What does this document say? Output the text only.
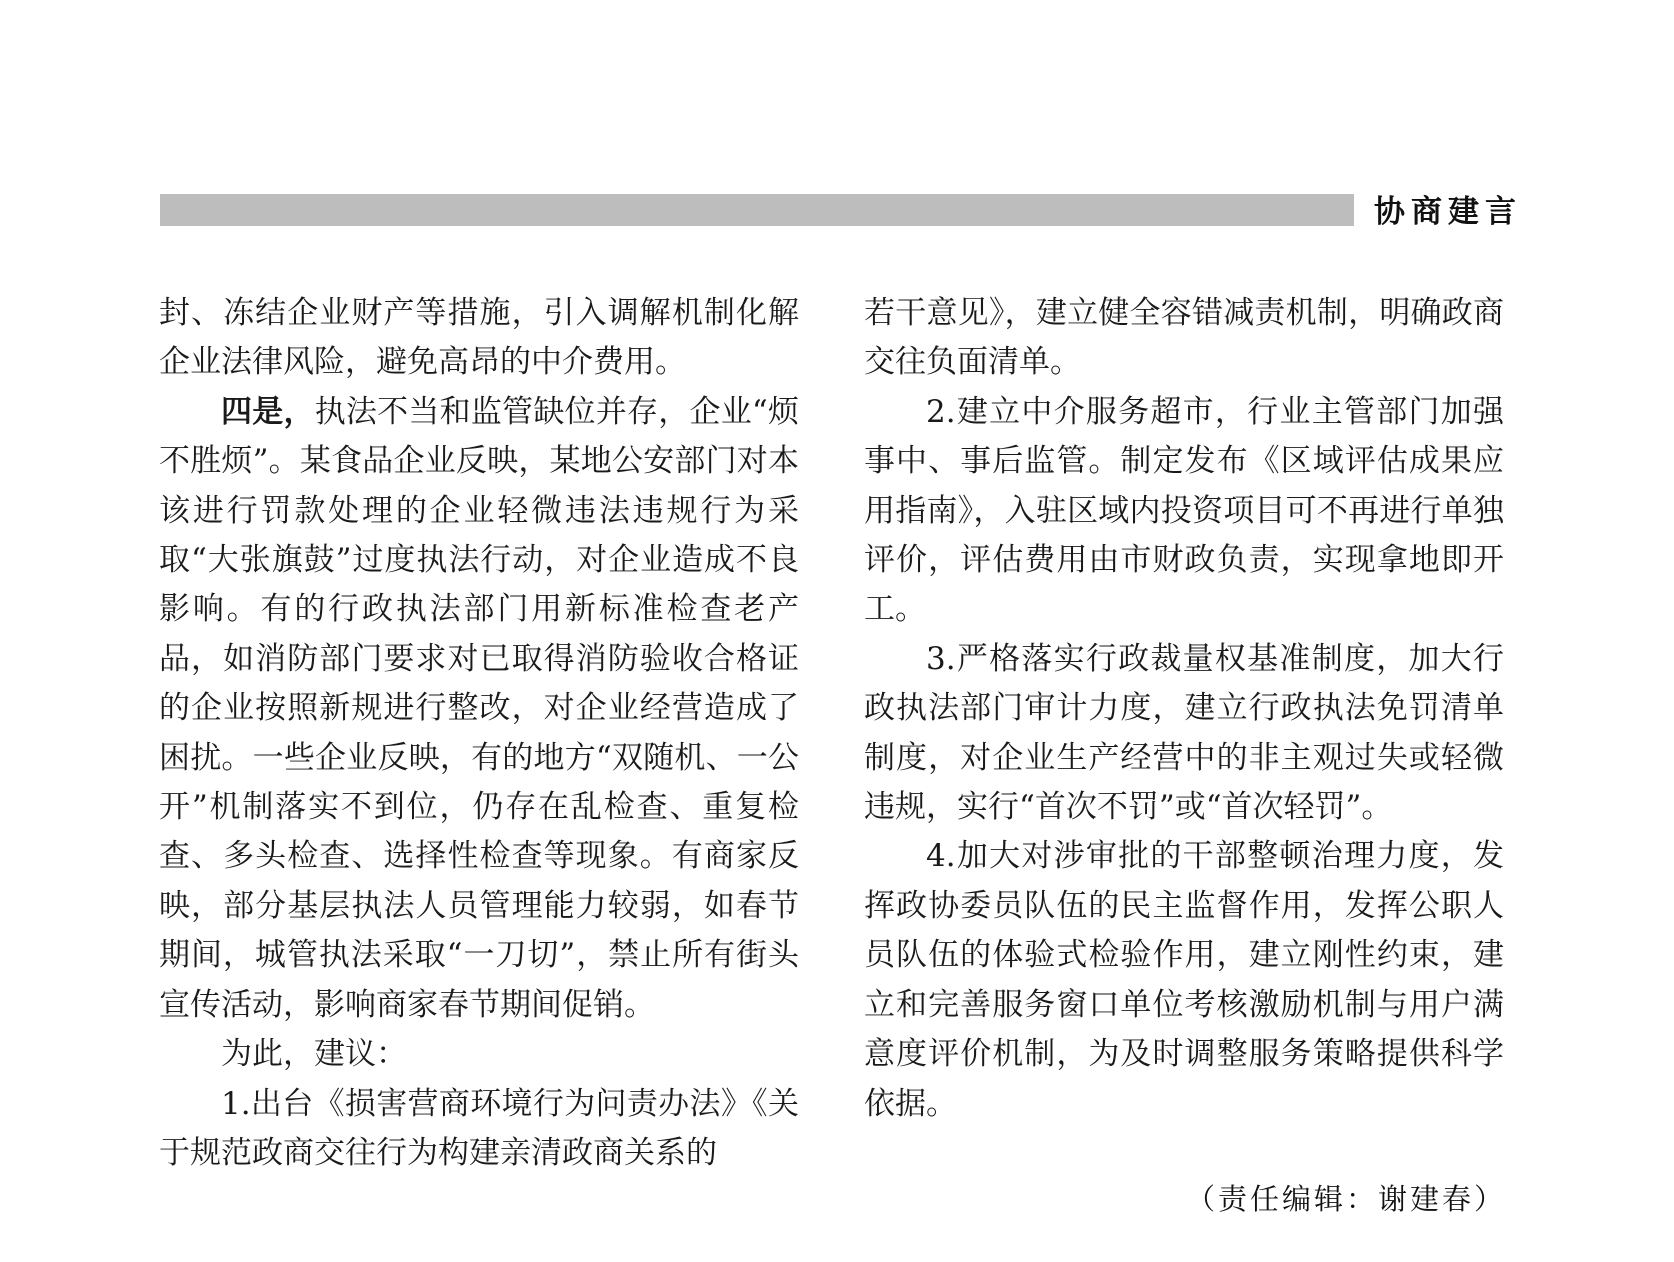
协商建言

封、冻结企业财产等措施，引入调解机制化解企业法律风险，避免高昂的中介费用。

四是，执法不当和监管缺位并存，企业“烦不胜烦”。某食品企业反映，某地公安部门对本该进行罚款处理的企业轻微违法违规行为采取“大张旗鼓”过度执法行动，对企业造成不良影响。有的行政执法部门用新标准检查老产品，如消防部门要求对已取得消防验收合格证的企业按照新规进行整改，对企业经营造成了困扰。一些企业反映，有的地方“双随机、一公开”机制落实不到位，仍存在乱检查、重复检查、多头检查、选择性检查等现象。有商家反映，部分基层执法人员管理能力较弱，如春节期间，城管执法采取“一刀切”，禁止所有街头宣传活动，影响商家春节期间促销。

为此，建议：

1.出台《损害营商环境行为问责办法》《关于规范政商交往行为构建亲清政商关系的

若干意见》，建立健全容错减责机制，明确政商交往负面清单。

2.建立中介服务超市，行业主管部门加强事中、事后监管。制定发布《区域评估成果应用指南》，入驻区域内投资项目可不再进行单独评价，评估费用由市财政负责，实现拿地即开工。

3.严格落实行政裁量权基准制度，加大行政执法部门审计力度，建立行政执法免罚清单制度，对企业生产经营中的非主观过失或轻微违规，实行“首次不罚”或“首次轻罚”。

4.加大对涉审批的干部整顿治理力度，发挥政协委员队伍的民主监督作用，发挥公职人员队伍的体验式检验作用，建立刚性约束，建立和完善服务窗口单位考核激励机制与用户满意度评价机制，为及时调整服务策略提供科学依据。

（责任编辑：谢建春）
